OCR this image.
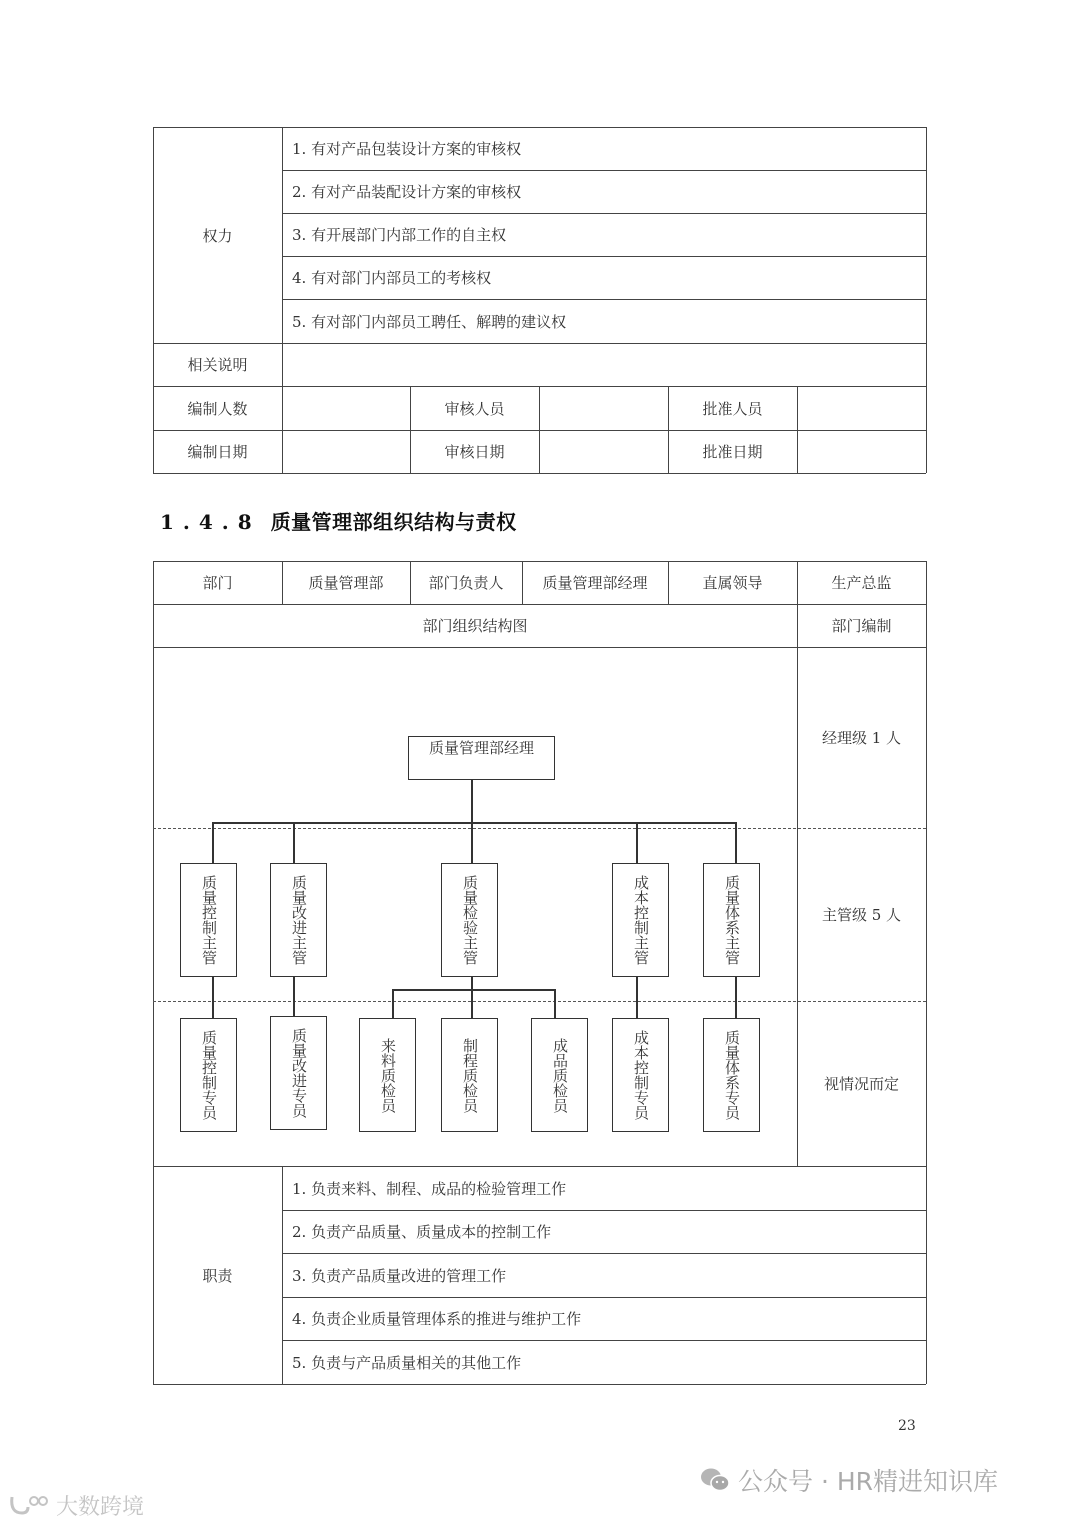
权力
1. 有对产品包装设计方案的审核权
2. 有对产品装配设计方案的审核权
3. 有开展部门内部工作的自主权
4. 有对部门内部员工的考核权
5. 有对部门内部员工聘任、解聘的建议权
相关说明
编制人数	审核人员	批准人员
编制日期	审核日期	批准日期
1.4.8 质量管理部组织结构与责权
部门	质量管理部	部门负责人	质量管理部经理	直属领导	生产总监
部门组织结构图	部门编制
经理级 1 人
主管级 5 人
视情况而定
质量管理部经理
质量控制主管	质量改进主管	质量检验主管	成本控制主管	质量体系主管
质量控制专员	质量改进专员	来料质检员	制程质检员	成品质检员	成本控制专员	质量体系专员
职责
1. 负责来料、制程、成品的检验管理工作
2. 负责产品质量、质量成本的控制工作
3. 负责产品质量改进的管理工作
4. 负责企业质量管理体系的推进与维护工作
5. 负责与产品质量相关的其他工作
23
公众号 · HR精进知识库
大数跨境
